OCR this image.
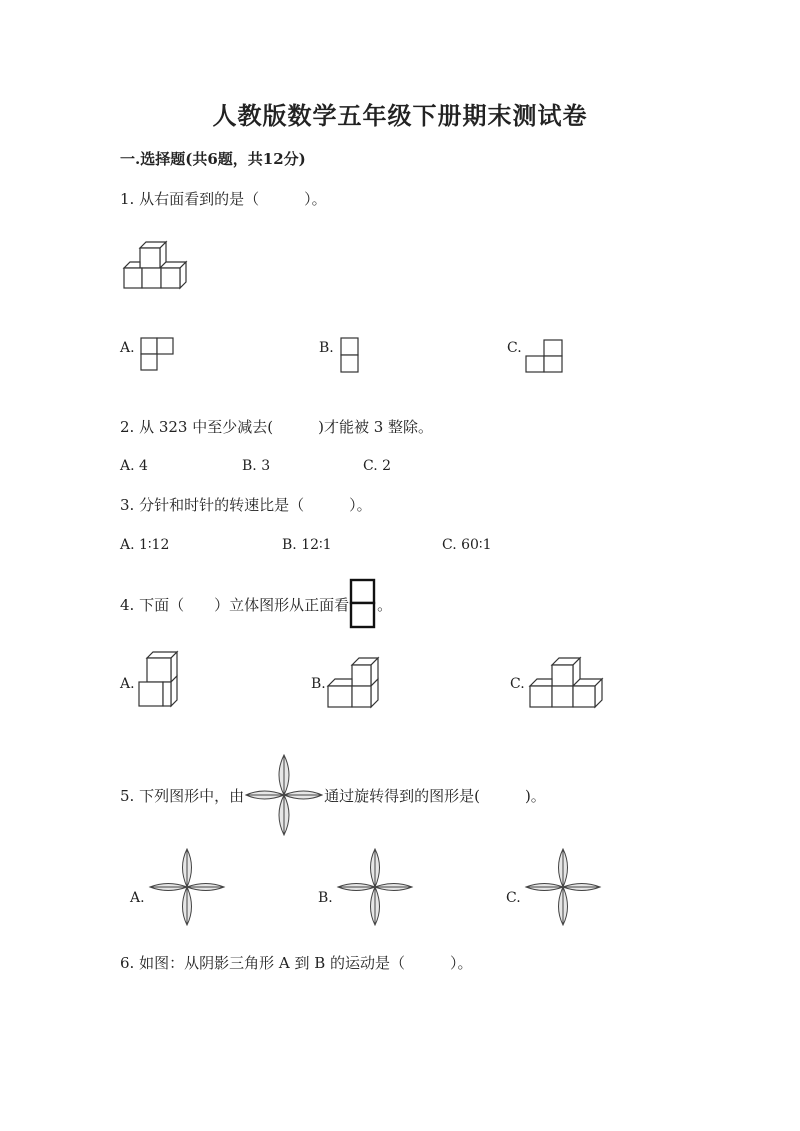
人教版数学五年级下册期末测试卷
一.选择题(共6题，共12分)
1. 从右面看到的是（　　　）。
A.	B.	C.
2. 从 323 中至少减去(　　　)才能被 3 整除。
A. 4	B. 3	C. 2
3. 分针和时针的转速比是（　　　）。
A. 1∶12	B. 12∶1	C. 60∶1
4. 下面（　　）立体图形从正面看 。
A.	B.	C.
5. 下列图形中，由	通过旋转得到的图形是(　　　)。
A.	B.	C.
6. 如图：从阴影三角形 A 到 B 的运动是（　　　）。
